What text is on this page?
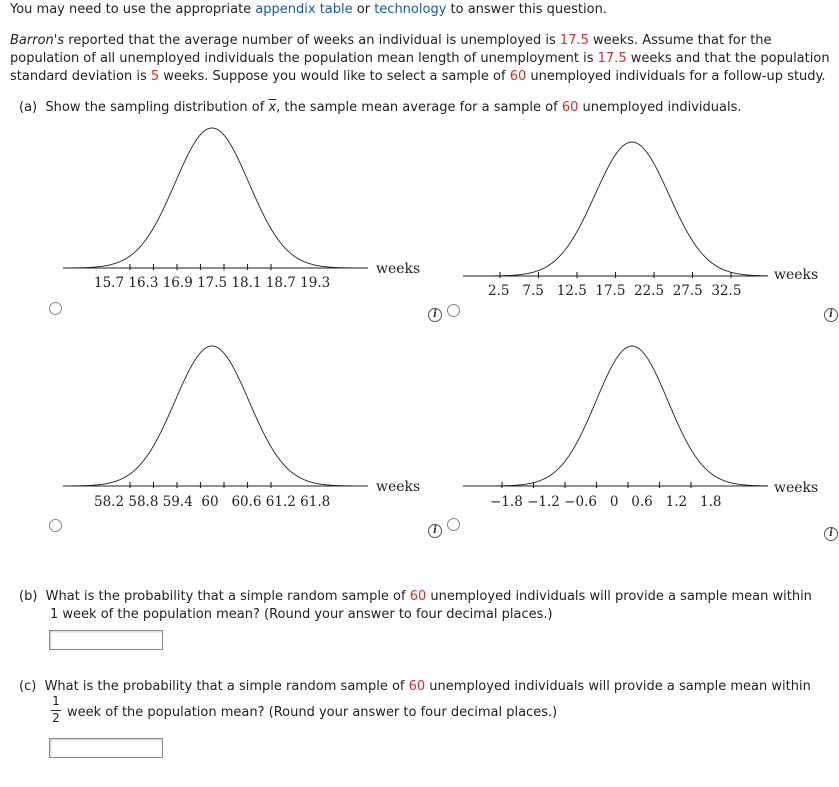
You may need to use the appropriate appendix table or technology to answer this question.
Barron's reported that the average number of weeks an individual is unemployed is 17.5 weeks. Assume that for the
population of all unemployed individuals the population mean length of unemployment is 17.5 weeks and that the population
standard deviation is 5 weeks. Suppose you would like to select a sample of 60 unemployed individuals for a follow-up study.
(a) Show the sampling distribution of $\overline{x}$, the sample mean average for a sample of 60 unemployed individuals.
15.7 16.3 16.9 17.5 18.1 18.7 19.3
weeks
i
2.5 7.5 12.5 17.5 22.5 27.5 32.5
weeks
i
58.2 58.8 59.4 60 60.6 61.2 61.8
weeks
i
−1.8 −1.2 −0.6 0 0.6 1.2 1.8
weeks
i
(b) What is the probability that a simple random sample of 60 unemployed individuals will provide a sample mean within
1 week of the population mean? (Round your answer to four decimal places.)
(c) What is the probability that a simple random sample of 60 unemployed individuals will provide a sample mean within
1
2 week of the population mean? (Round your answer to four decimal places.)
